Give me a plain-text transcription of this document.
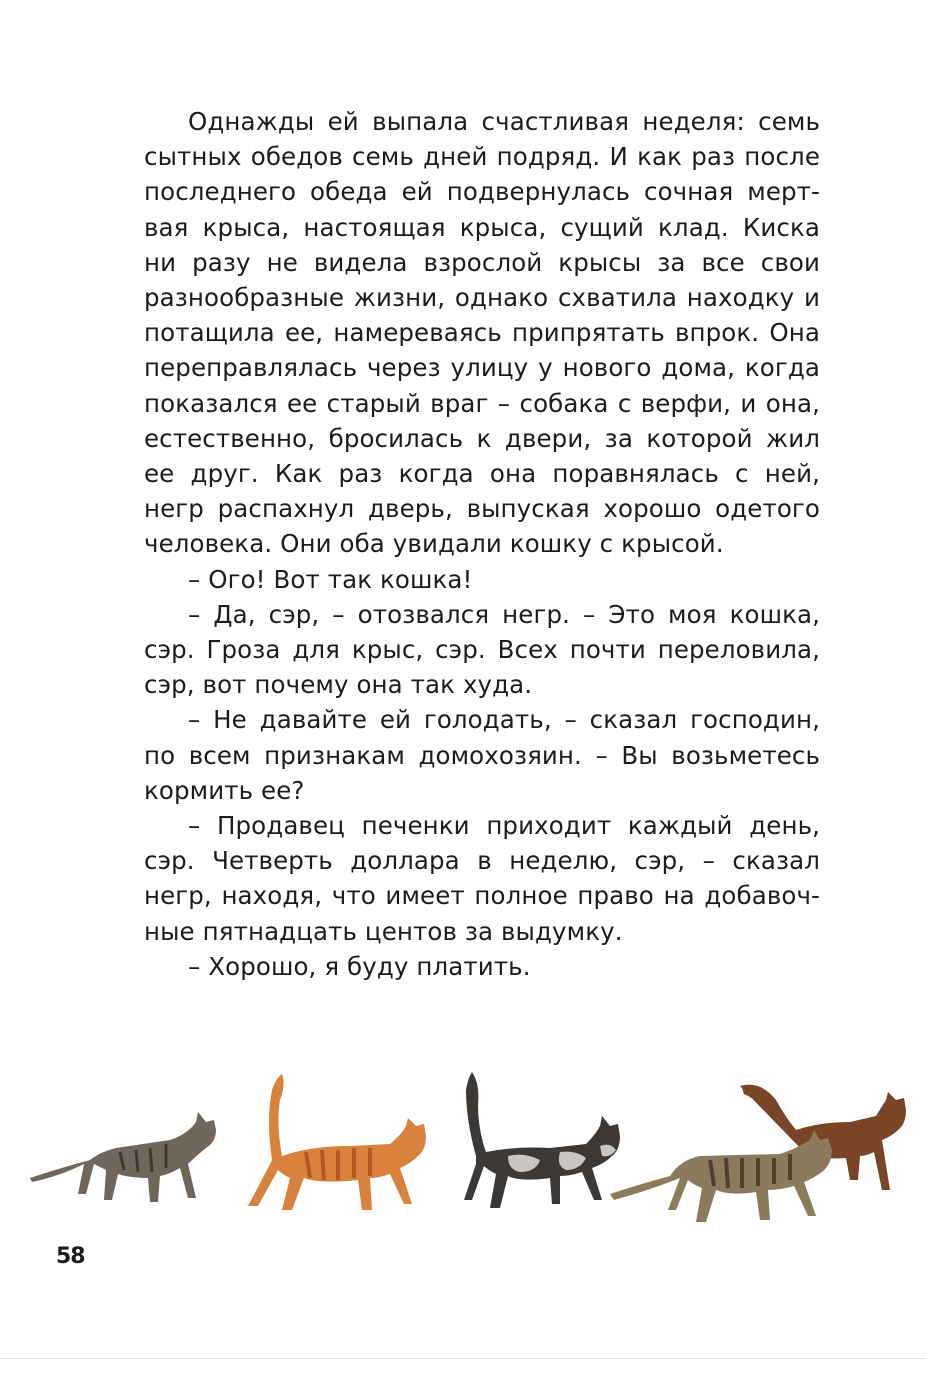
Однажды ей выпала счастливая неделя: семь сытных обедов семь дней подряд. И как раз после последнего обеда ей подвернулась сочная мерт-вая крыса, настоящая крыса, сущий клад. Киска ни разу не видела взрослой крысы за все свои разнообразные жизни, однако схватила находку и потащила ее, намереваясь припрятать впрок. Она переправлялась через улицу у нового дома, когда показался ее старый враг – собака с верфи, и она, естественно, бросилась к двери, за которой жил ее друг. Как раз когда она поравнялась с ней, негр распахнул дверь, выпуская хорошо одетого человека. Они оба увидали кошку с крысой.

– Ого! Вот так кошка!

– Да, сэр, – отозвался негр. – Это моя кошка, сэр. Гроза для крыс, сэр. Всех почти переловила, сэр, вот почему она так худа.

– Не давайте ей голодать, – сказал господин, по всем признакам домохозяин. – Вы возьметесь кормить ее?

– Продавец печенки приходит каждый день, сэр. Четверть доллара в неделю, сэр, – сказал негр, находя, что имеет полное право на добавоч-ные пятнадцать центов за выдумку.

– Хорошо, я буду платить.

58
